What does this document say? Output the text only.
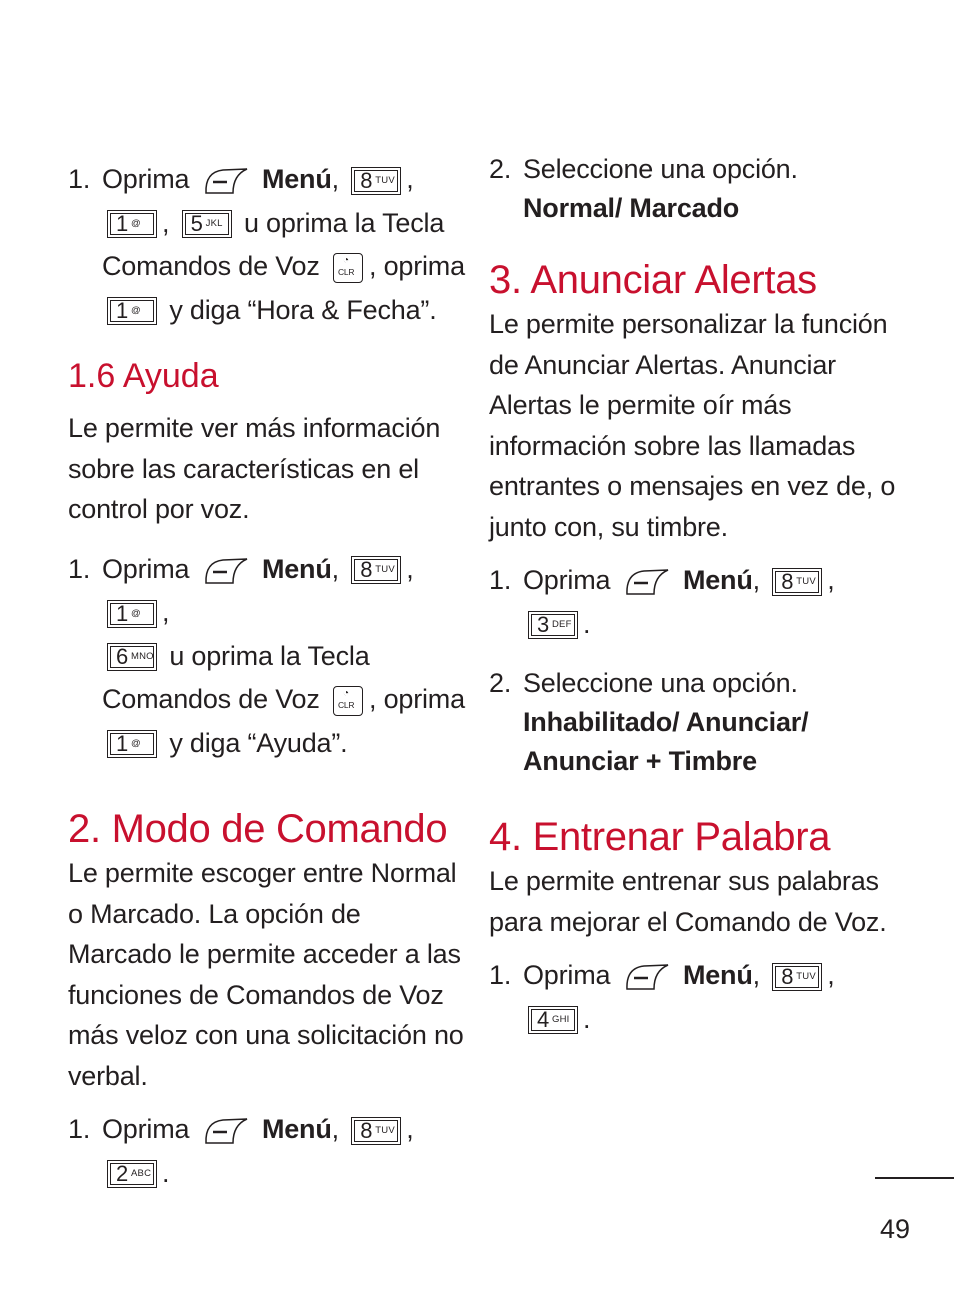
1. Oprima	Menú, 8 TUV ,

1 @ , 5 JKL u oprima la Tecla
Comandos de Voz ◔
CLR , oprima

1 @ y diga “Hora & Fecha”.
1.6 Ayuda

Le permite ver más información sobre las características en el control por voz.

1. Oprima	Menú, 8 TUV ,
1 @ ,

6 MNO u oprima la Tecla
Comandos de Voz ◔
CLR , oprima

1 @ y diga “Ayuda”.
2. Modo de Comando

Le permite escoger entre Normal o Marcado. La opción de Marcado le permite acceder a las funciones de Comandos de Voz más veloz con una solicitación no verbal.

1. Oprima	Menú, 8 TUV ,

2 ABC .
2. Seleccione una opción.
Normal/ Marcado
3. Anunciar Alertas

Le permite personalizar la función de Anunciar Alertas. Anunciar Alertas le permite oír más información sobre las llamadas entrantes o mensajes en vez de, o junto con, su timbre.

1. Oprima	Menú, 8 TUV ,

3 DEF .
2. Seleccione una opción.
Inhabilitado/ Anunciar/
Anunciar + Timbre
4. Entrenar Palabra

Le permite entrenar sus palabras para mejorar el Comando de Voz.

1. Oprima	Menú, 8 TUV ,

4 GHI .
49
